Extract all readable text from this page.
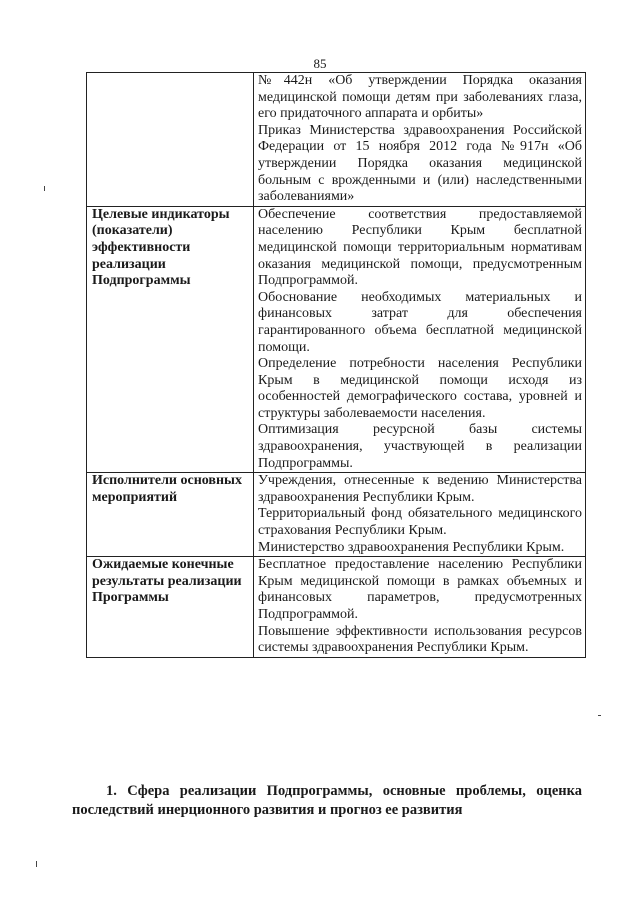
85

	№442н «Об утверждении Порядка оказания медицинской помощи детям при заболеваниях глаза, его придаточного аппарата и орбиты»

Приказ Министерства здравоохранения Российской Федерации от 15 ноября 2012 года №917н «Об утверждении Порядка оказания медицинской больным с врожденными и (или) наследственными заболеваниями»

Целевые индикаторы (показатели) эффективности реализации Подпрограммы	Обеспечение соответствия предоставляемой населению Республики Крым бесплатной медицинской помощи территориальным нормативам оказания медицинской помощи, предусмотренным Подпрограммой.

Обоснование необходимых материальных и финансовых затрат для обеспечения гарантированного объема бесплатной медицинской помощи.

Определение потребности населения Республики Крым в медицинской помощи исходя из особенностей демографического состава, уровней и структуры заболеваемости населения.

Оптимизация ресурсной базы системы здравоохранения, участвующей в реализации Подпрограммы.

Исполнители основных мероприятий	Учреждения, отнесенные к ведению Министерства здравоохранения Республики Крым.

Территориальный фонд обязательного медицинского страхования Республики Крым.

Министерство здравоохранения Республики Крым.

Ожидаемые конечные результаты реализации Программы	Бесплатное предоставление населению Республики Крым медицинской помощи в рамках объемных и финансовых параметров, предусмотренных Подпрограммой.

Повышение эффективности использования ресурсов системы здравоохранения Республики Крым.

1. Сфера реализации Подпрограммы, основные проблемы, оценка последствий инерционного развития и прогноз ее развития
